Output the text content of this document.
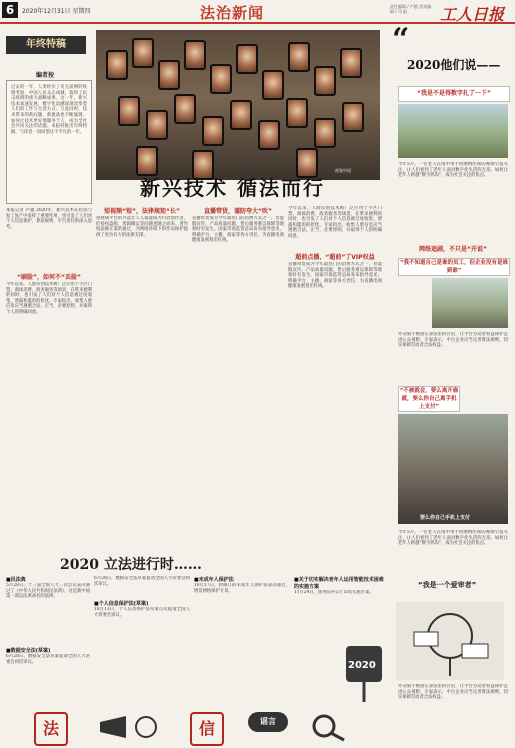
6	2020年12月31日 星期四	法治新闻	责任编辑 / 卢越 美术编辑 / 马 阳	工人日报
年终特稿
编者按
过去的一年，人类经历了史无前例的疫情考验，中国人民众志成城，取得了抗击疫情的重大战略成果。这一年，新兴技术加速发展，数字化浪潮深刻改变着人们的工作与生活方式。与此同时，技术带来的新问题、新挑战也不断涌现，如何让技术更好地服务于人，成为全社会共同关注的话题。本报特推出年终特稿，与读者一同回望这不平凡的一年。
本报记者 卢越 2020年，新兴技术在抗疫与复工复产中发挥了重要作用，也引发了人们对个人信息保护、算法规则、平台责任的深入思考。
“刷脸”，如何不“丢脸”
今年以来，人脸识别技术被广泛应用于小区门禁、商场消费、政务服务等场景，在带来便利的同时，也引发了人们对个人信息被过度收集、泄露和滥用的担忧。专家指出，收集人脸信息应当遵循合法、正当、必要原则，并取得个人的明确同意。
视觉中国
新兴技术 循法而行
短视频“短”，法律规矩“长”
短视频平台的兴起让人人都能成为内容创作者，但侵权盗版、剪辑搬运等问题也随之而来。著作权法修正案的通过，为网络环境下的作品保护提供了更为有力的法律支撑。
直播带货，谨防夸大“吹”
直播带货成为今年最热门的消费方式之一，但虚假宣传、产品质量问题、售后服务难以保障等现象时有发生。国家市场监管总局发布指导意见，明确平台、主播、商家等各方责任，为直播电商健康发展划出红线。
超前点播，“超前”了VIP权益
今年以来，人脸识别技术被广泛应用于小区门禁、商场消费、政务服务等场景，在带来便利的同时，也引发了人们对个人信息被过度收集、泄露和滥用的担忧。专家指出，收集人脸信息应当遵循合法、正当、必要原则，并取得个人的明确同意。
直播带货成为今年最热门的消费方式之一，但虚假宣传、产品质量问题、售后服务难以保障等现象时有发生。国家市场监管总局发布指导意见，明确平台、主播、商家等各方责任，为直播电商健康发展划出红线。
“
2020他们说——
“我是不是得数字扎了一下”
今年5月，一位老人在雨中用手机缴纳医保的视频引发关注，让人们看到了老年人面对数字化生活的无奈。如何让老年人跨越“数字鸿沟”，成为社会关注的焦点。
网络追剧，不只是“开说”
“我不知道自己是谁的员工，但企业没有是谁到谁”
外卖骑手被困在算法里的讨论，让平台劳动者权益保护走进公众视野。专家表示，平台企业应当完善算法规则，切实保障劳动者合法权益。
“不被就会，要么离开雇就，要么你自己离手机上支付”
要么你自己手机上支付
今年5月，一位老人在雨中用手机缴纳医保的视频引发关注，让人们看到了老年人面对数字化生活的无奈。如何让老年人跨越“数字鸿沟”，成为社会关注的焦点。
“我是一个爱审者”
外卖骑手被困在算法里的讨论，让平台劳动者权益保护走进公众视野。专家表示，平台企业应当完善算法规则，切实保障劳动者合法权益。
2020 立法进行时……
■民法典
5月28日，十三届全国人大三次会议表决通过了《中华人民共和国民法典》，这是新中国第一部以法典命名的法律。
■数据安全法(草案)
6月28日，数据安全法草案提请全国人大常委会初次审议。
6月28日，数据安全法草案提请全国人大常委会初次审议。
■个人信息保护法(草案)
10月13日，个人信息保护法草案首次提请全国人大常委会审议。
■未成年人保护法
10月17日，新修订的未成年人保护法表决通过，增设网络保护专章。
■关于切实解决老年人运用智能技术困难的实施方案
11月24日，国务院办公厅印发实施方案。
2020
法	信	谣言
